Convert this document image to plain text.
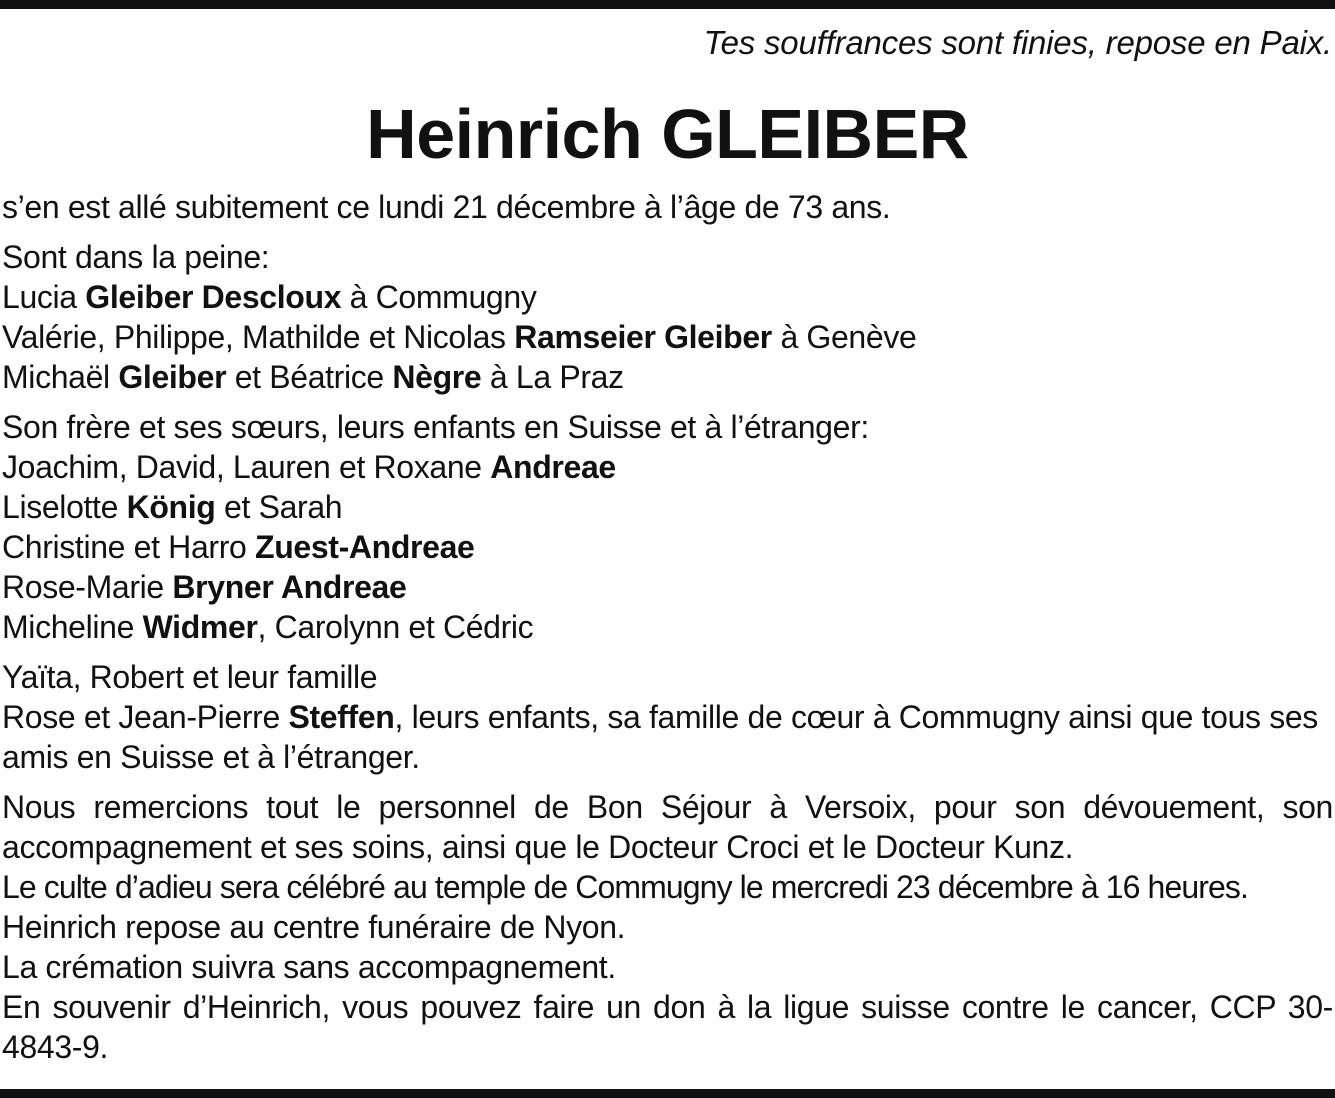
Tes souffrances sont finies, repose en Paix.
Heinrich GLEIBER

s’en est allé subitement ce lundi 21 décembre à l’âge de 73 ans.

Sont dans la peine:
Lucia Gleiber Descloux à Commugny
Valérie, Philippe, Mathilde et Nicolas Ramseier Gleiber à Genève
Michaël Gleiber et Béatrice Nègre à La Praz

Son frère et ses sœurs, leurs enfants en Suisse et à l’étranger:
Joachim, David, Lauren et Roxane Andreae
Liselotte König et Sarah
Christine et Harro Zuest-Andreae
Rose-Marie Bryner Andreae
Micheline Widmer, Carolynn et Cédric

Yaïta, Robert et leur famille
Rose et Jean-Pierre Steffen, leurs enfants, sa famille de cœur à Commugny ainsi que tous ses amis en Suisse et à l’étranger.

Nous remercions tout le personnel de Bon Séjour à Versoix, pour son dévouement, son accompagnement et ses soins, ainsi que le Docteur Croci et le Docteur Kunz.
Le culte d’adieu sera célébré au temple de Commugny le mercredi 23 décembre à 16 heures.
Heinrich repose au centre funéraire de Nyon.
La crémation suivra sans accompagnement.
En souvenir d’Heinrich, vous pouvez faire un don à la ligue suisse contre le cancer, CCP 30-4843-9.
